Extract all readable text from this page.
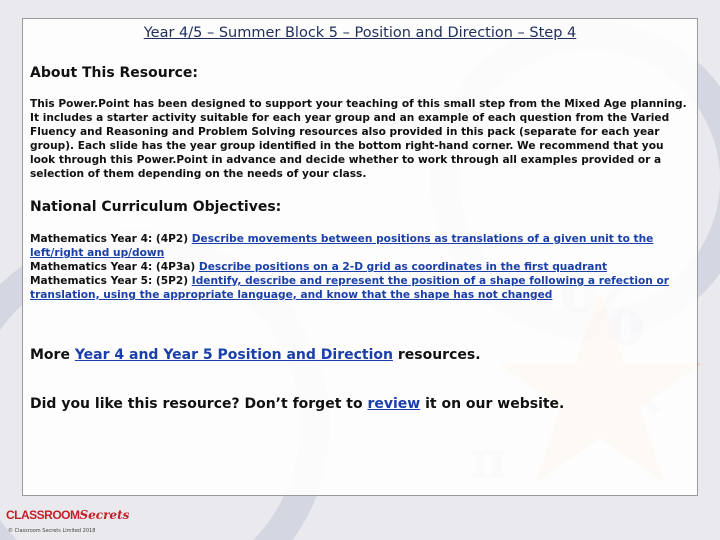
Year 4/5 – Summer Block 5 – Position and Direction – Step 4
About This Resource:
This Power.Point has been designed to support your teaching of this small step from the Mixed Age planning. It includes a starter activity suitable for each year group and an example of each question from the Varied Fluency and Reasoning and Problem Solving resources also provided in this pack (separate for each year group). Each slide has the year group identified in the bottom right-hand corner. We recommend that you look through this Power.Point in advance and decide whether to work through all examples provided or a selection of them depending on the needs of your class.
National Curriculum Objectives:
Mathematics Year 4: (4P2) Describe movements between positions as translations of a given unit to the left/right and up/down
Mathematics Year 4: (4P3a) Describe positions on a 2-D grid as coordinates in the first quadrant
Mathematics Year 5: (5P2) Identify, describe and represent the position of a shape following a refection or translation, using the appropriate language, and know that the shape has not changed
More Year 4 and Year 5 Position and Direction resources.
Did you like this resource? Don’t forget to review it on our website.
CLASSROOMSecrets
© Classroom Secrets Limited 2018
